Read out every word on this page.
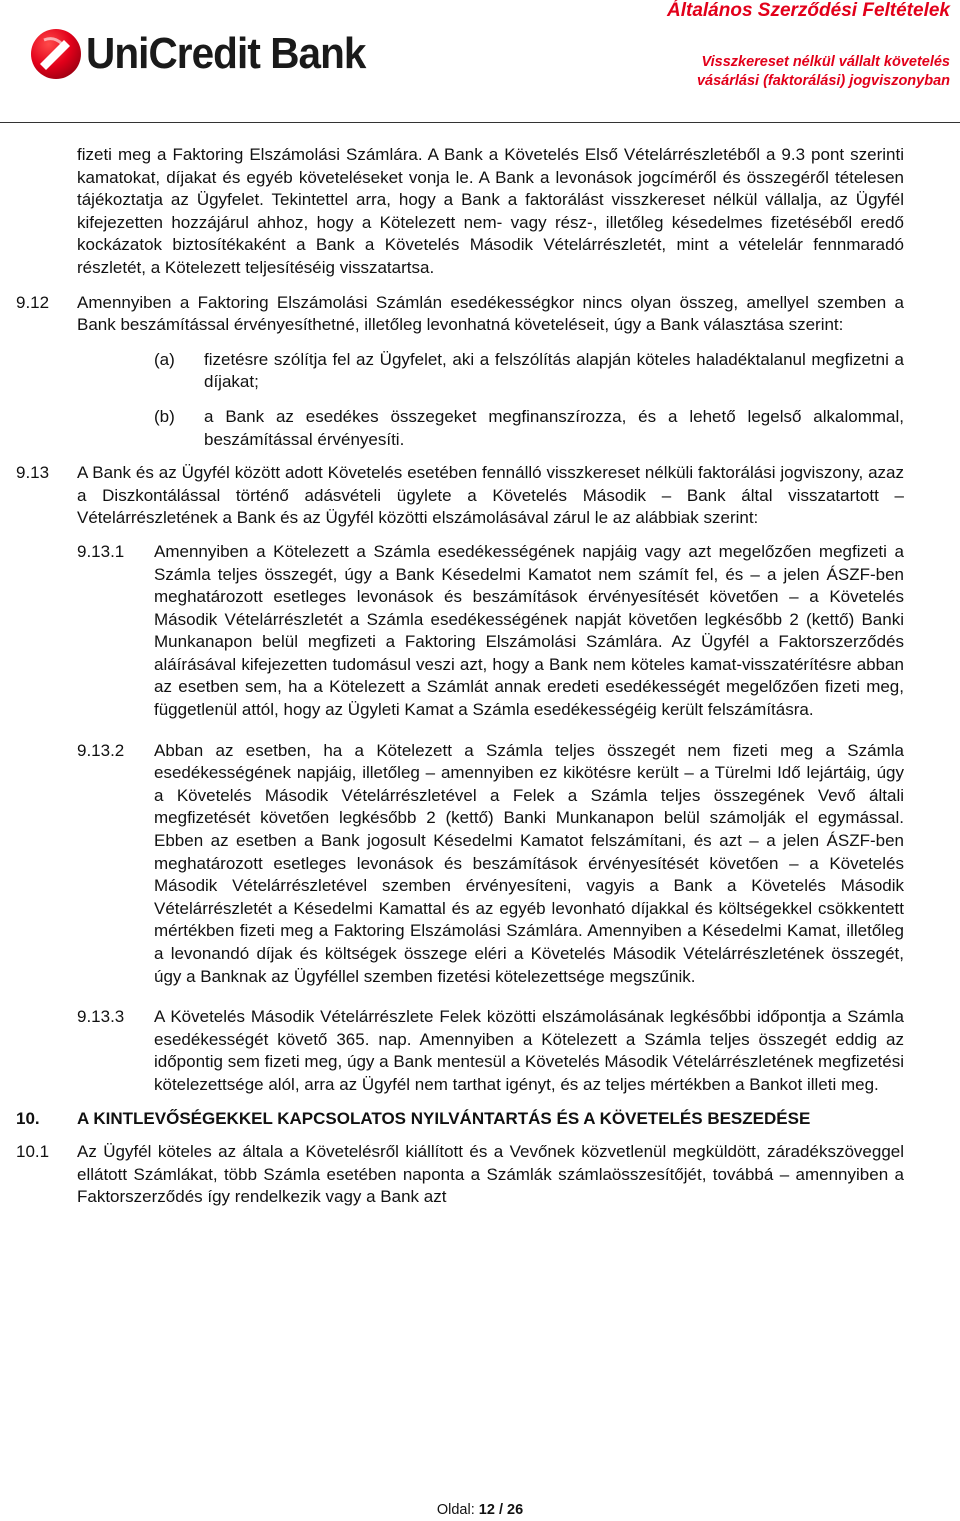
UniCredit Bank
Általános Szerződési Feltételek
Visszkereset nélkül vállalt követelés vásárlási (faktorálási) jogviszonyban

fizeti meg a Faktoring Elszámolási Számlára. A Bank a Követelés Első Vételárrészletéből a 9.3 pont szerinti kamatokat, díjakat és egyéb követeléseket vonja le. A Bank a levonások jogcíméről és összegéről tételesen tájékoztatja az Ügyfelet. Tekintettel arra, hogy a Bank a faktorálást visszkereset nélkül vállalja, az Ügyfél kifejezetten hozzájárul ahhoz, hogy a Kötelezett nem- vagy rész-, illetőleg késedelmes fizetéséből eredő kockázatok biztosítékaként a Bank a Követelés Második Vételárrészletét, mint a vételelár fennmaradó részletét, a Kötelezett teljesítéséig visszatartsa.

9.12 Amennyiben a Faktoring Elszámolási Számlán esedékességkor nincs olyan összeg, amellyel szemben a Bank beszámítással érvényesíthetné, illetőleg levonhatná követeléseit, úgy a Bank választása szerint:

(a) fizetésre szólítja fel az Ügyfelet, aki a felszólítás alapján köteles haladéktalanul megfizetni a díjakat;

(b) a Bank az esedékes összegeket megfinanszírozza, és a lehető legelső alkalommal, beszámítással érvényesíti.

9.13 A Bank és az Ügyfél között adott Követelés esetében fennálló visszkereset nélküli faktorálási jogviszony, azaz a Diszkontálással történő adásvételi ügylete a Követelés Második – Bank által visszatartott – Vételárrészletének a Bank és az Ügyfél közötti elszámolásával zárul le az alábbiak szerint:

9.13.1 Amennyiben a Kötelezett a Számla esedékességének napjáig vagy azt megelőzően megfizeti a Számla teljes összegét, úgy a Bank Késedelmi Kamatot nem számít fel, és – a jelen ÁSZF-ben meghatározott esetleges levonások és beszámítások érvényesítését követően – a Követelés Második Vételárrészletét a Számla esedékességének napját követően legkésőbb 2 (kettő) Banki Munkanapon belül megfizeti a Faktoring Elszámolási Számlára. Az Ügyfél a Faktorszerződés aláírásával kifejezetten tudomásul veszi azt, hogy a Bank nem köteles kamat-visszatérítésre abban az esetben sem, ha a Kötelezett a Számlát annak eredeti esedékességét megelőzően fizeti meg, függetlenül attól, hogy az Ügyleti Kamat a Számla esedékességéig került felszámításra.

9.13.2 Abban az esetben, ha a Kötelezett a Számla teljes összegét nem fizeti meg a Számla esedékességének napjáig, illetőleg – amennyiben ez kikötésre került – a Türelmi Idő lejártáig, úgy a Követelés Második Vételárrészletével a Felek a Számla teljes összegének Vevő általi megfizetését követően legkésőbb 2 (kettő) Banki Munkanapon belül számolják el egymással. Ebben az esetben a Bank jogosult Késedelmi Kamatot felszámítani, és azt – a jelen ÁSZF-ben meghatározott esetleges levonások és beszámítások érvényesítését követően – a Követelés Második Vételárrészletével szemben érvényesíteni, vagyis a Bank a Követelés Második Vételárrészletét a Késedelmi Kamattal és az egyéb levonható díjakkal és költségekkel csökkentett mértékben fizeti meg a Faktoring Elszámolási Számlára. Amennyiben a Késedelmi Kamat, illetőleg a levonandó díjak és költségek összege eléri a Követelés Második Vételárrészletének összegét, úgy a Banknak az Ügyféllel szemben fizetési kötelezettsége megszűnik.

9.13.3 A Követelés Második Vételárrészlete Felek közötti elszámolásának legkésőbbi időpontja a Számla esedékességét követő 365. nap. Amennyiben a Kötelezett a Számla teljes összegét eddig az időpontig sem fizeti meg, úgy a Bank mentesül a Követelés Második Vételárrészletének megfizetési kötelezettsége alól, arra az Ügyfél nem tarthat igényt, és az teljes mértékben a Bankot illeti meg.

10. A KINTLEVŐSÉGEKKEL KAPCSOLATOS NYILVÁNTARTÁS ÉS A KÖVETELÉS BESZEDÉSE

10.1 Az Ügyfél köteles az általa a Követelésről kiállított és a Vevőnek közvetlenül megküldött, záradékszöveggel ellátott Számlákat, több Számla esetében naponta a Számlák számlaösszesítőjét, továbbá – amennyiben a Faktorszerződés így rendelkezik vagy a Bank azt

Oldal: 12 / 26
